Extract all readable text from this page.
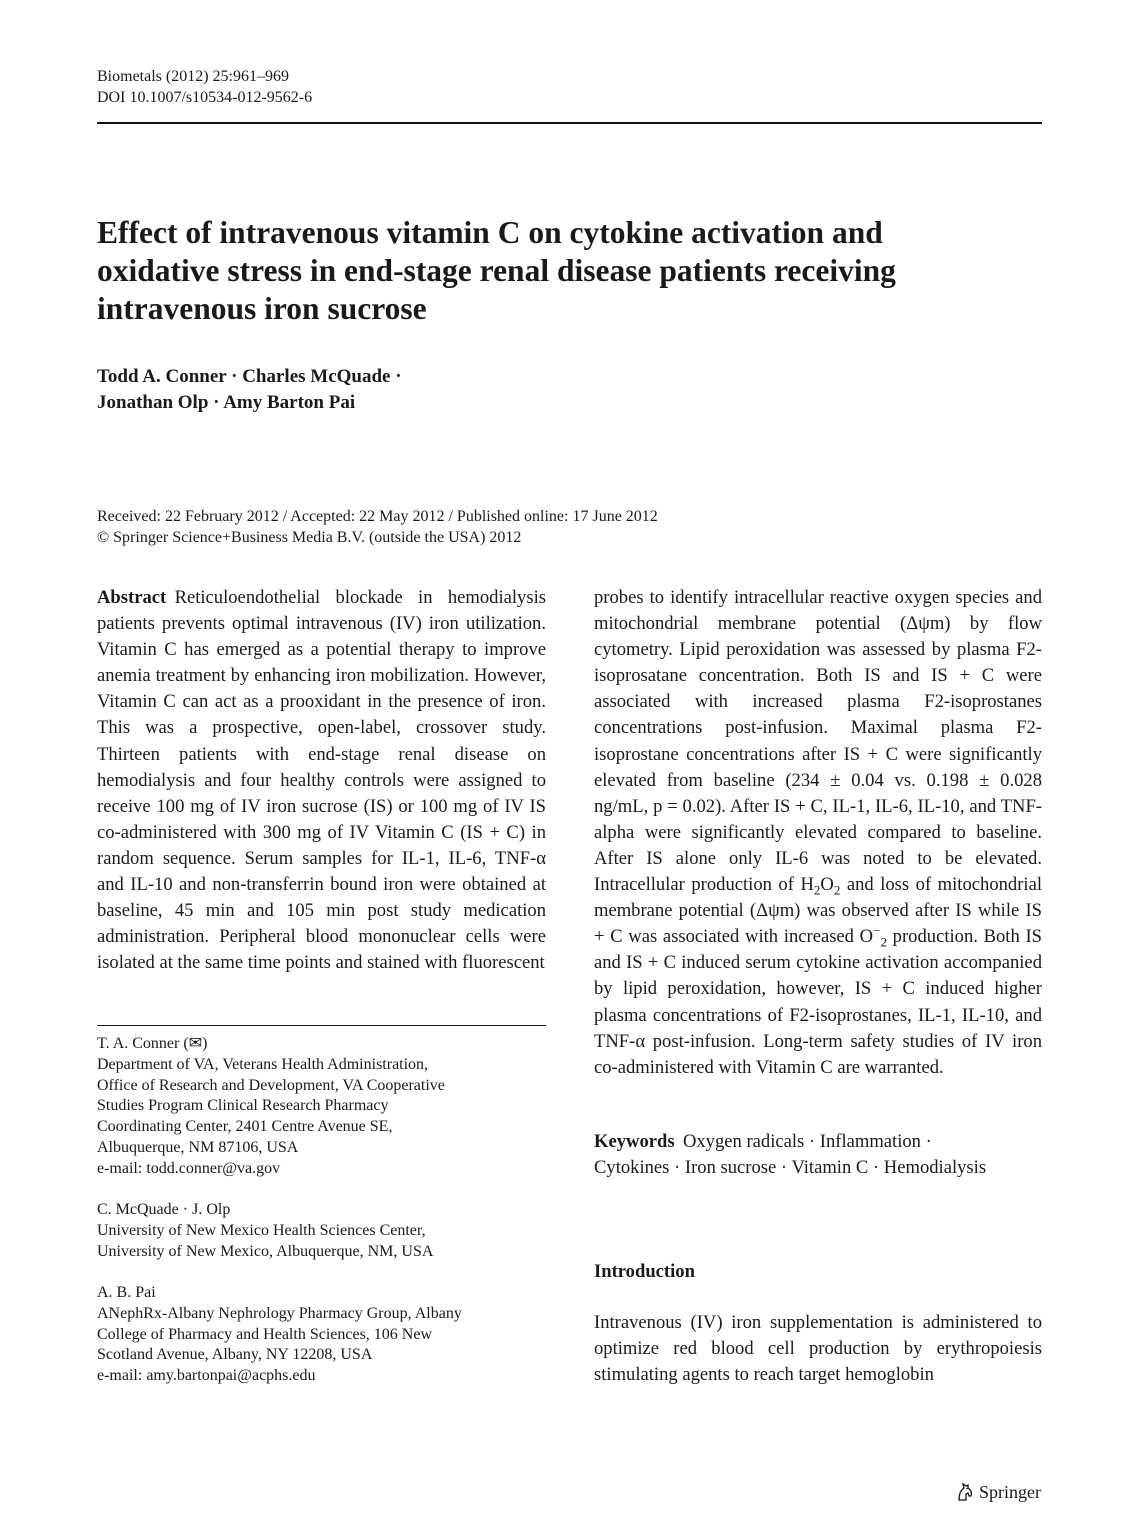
Biometals (2012) 25:961–969
DOI 10.1007/s10534-012-9562-6
Effect of intravenous vitamin C on cytokine activation and oxidative stress in end-stage renal disease patients receiving intravenous iron sucrose
Todd A. Conner · Charles McQuade ·
Jonathan Olp · Amy Barton Pai
Received: 22 February 2012 / Accepted: 22 May 2012 / Published online: 17 June 2012
© Springer Science+Business Media B.V. (outside the USA) 2012
Abstract Reticuloendothelial blockade in hemodialysis patients prevents optimal intravenous (IV) iron utilization. Vitamin C has emerged as a potential therapy to improve anemia treatment by enhancing iron mobilization. However, Vitamin C can act as a prooxidant in the presence of iron. This was a prospective, open-label, crossover study. Thirteen patients with end-stage renal disease on hemodialysis and four healthy controls were assigned to receive 100 mg of IV iron sucrose (IS) or 100 mg of IV IS co-administered with 300 mg of IV Vitamin C (IS + C) in random sequence. Serum samples for IL-1, IL-6, TNF-α and IL-10 and non-transferrin bound iron were obtained at baseline, 45 min and 105 min post study medication administration. Peripheral blood mononuclear cells were isolated at the same time points and stained with fluorescent
probes to identify intracellular reactive oxygen species and mitochondrial membrane potential (Δψm) by flow cytometry. Lipid peroxidation was assessed by plasma F2-isoprosatane concentration. Both IS and IS + C were associated with increased plasma F2-isoprostanes concentrations post-infusion. Maximal plasma F2-isoprostane concentrations after IS + C were significantly elevated from baseline (234 ± 0.04 vs. 0.198 ± 0.028 ng/mL, p = 0.02). After IS + C, IL-1, IL-6, IL-10, and TNF-alpha were significantly elevated compared to baseline. After IS alone only IL-6 was noted to be elevated. Intracellular production of $H_2O_2$ and loss of mitochondrial membrane potential (Δψm) was observed after IS while IS + C was associated with increased $O^-_2$ production. Both IS and IS + C induced serum cytokine activation accompanied by lipid peroxidation, however, IS + C induced higher plasma concentrations of F2-isoprostanes, IL-1, IL-10, and TNF-α post-infusion. Long-term safety studies of IV iron co-administered with Vitamin C are warranted.
Keywords Oxygen radicals · Inflammation ·
Cytokines · Iron sucrose · Vitamin C · Hemodialysis
Introduction
Intravenous (IV) iron supplementation is administered to optimize red blood cell production by erythropoiesis stimulating agents to reach target hemoglobin
T. A. Conner (✉)
Department of VA, Veterans Health Administration,
Office of Research and Development, VA Cooperative
Studies Program Clinical Research Pharmacy
Coordinating Center, 2401 Centre Avenue SE,
Albuquerque, NM 87106, USA
e-mail: todd.conner@va.gov
C. McQuade · J. Olp
University of New Mexico Health Sciences Center,
University of New Mexico, Albuquerque, NM, USA
A. B. Pai
ANephRx-Albany Nephrology Pharmacy Group, Albany
College of Pharmacy and Health Sciences, 106 New
Scotland Avenue, Albany, NY 12208, USA
e-mail: amy.bartonpai@acphs.edu
Springer
